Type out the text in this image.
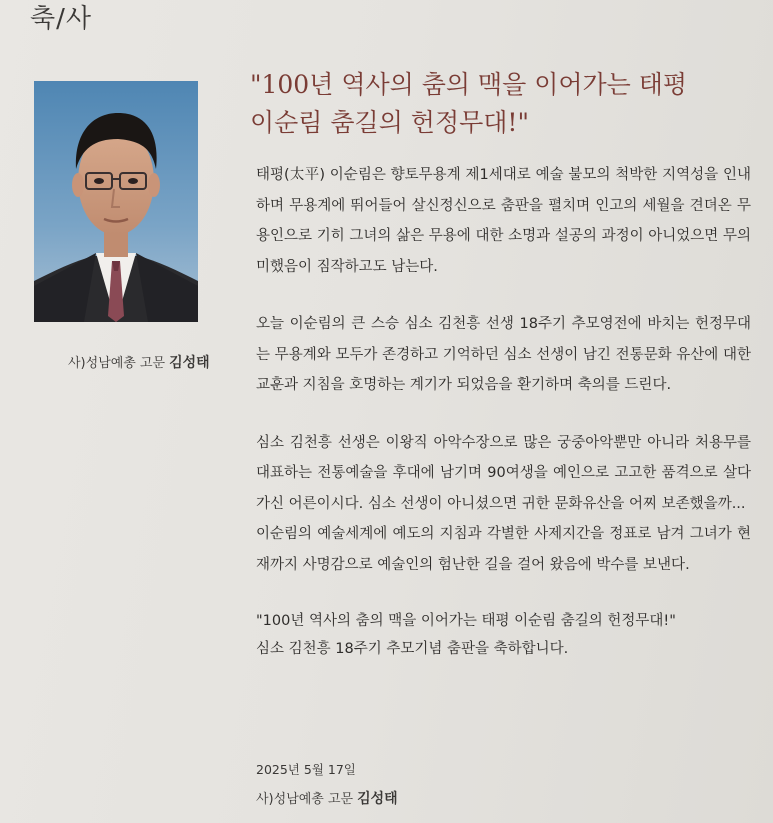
축/사
사)성남예총 고문 김성태
"100년 역사의 춤의 맥을 이어가는 태평
이순림 춤길의 헌정무대!"

태평(太平) 이순림은 향토무용계 제1세대로 예술 불모의 척박한 지역성을 인내하며 무용계에 뛰어들어 살신정신으로 춤판을 펼치며 인고의 세월을 견뎌온 무용인으로 기히 그녀의 삶은 무용에 대한 소명과 설공의 과정이 아니었으면 무의미했음이 짐작하고도 남는다.

오늘 이순림의 큰 스승 심소 김천흥 선생 18주기 추모영전에 바치는 헌정무대는 무용계와 모두가 존경하고 기억하던 심소 선생이 남긴 전통문화 유산에 대한 교훈과 지침을 호명하는 계기가 되었음을 환기하며 축의를 드린다.

심소 김천흥 선생은 이왕직 아악수장으로 많은 궁중아악뿐만 아니라 처용무를 대표하는 전통예술을 후대에 남기며 90여생을 예인으로 고고한 품격으로 살다 가신 어른이시다. 심소 선생이 아니셨으면 귀한 문화유산을 어찌 보존했을까...

이순림의 예술세계에 예도의 지침과 각별한 사제지간을 정표로 남겨 그녀가 현재까지 사명감으로 예술인의 험난한 길을 걸어 왔음에 박수를 보낸다.

"100년 역사의 춤의 맥을 이어가는 태평 이순림 춤길의 헌정무대!"
심소 김천흥 18주기 추모기념 춤판을 축하합니다.

2025년 5월 17일
사)성남예총 고문 김성태
